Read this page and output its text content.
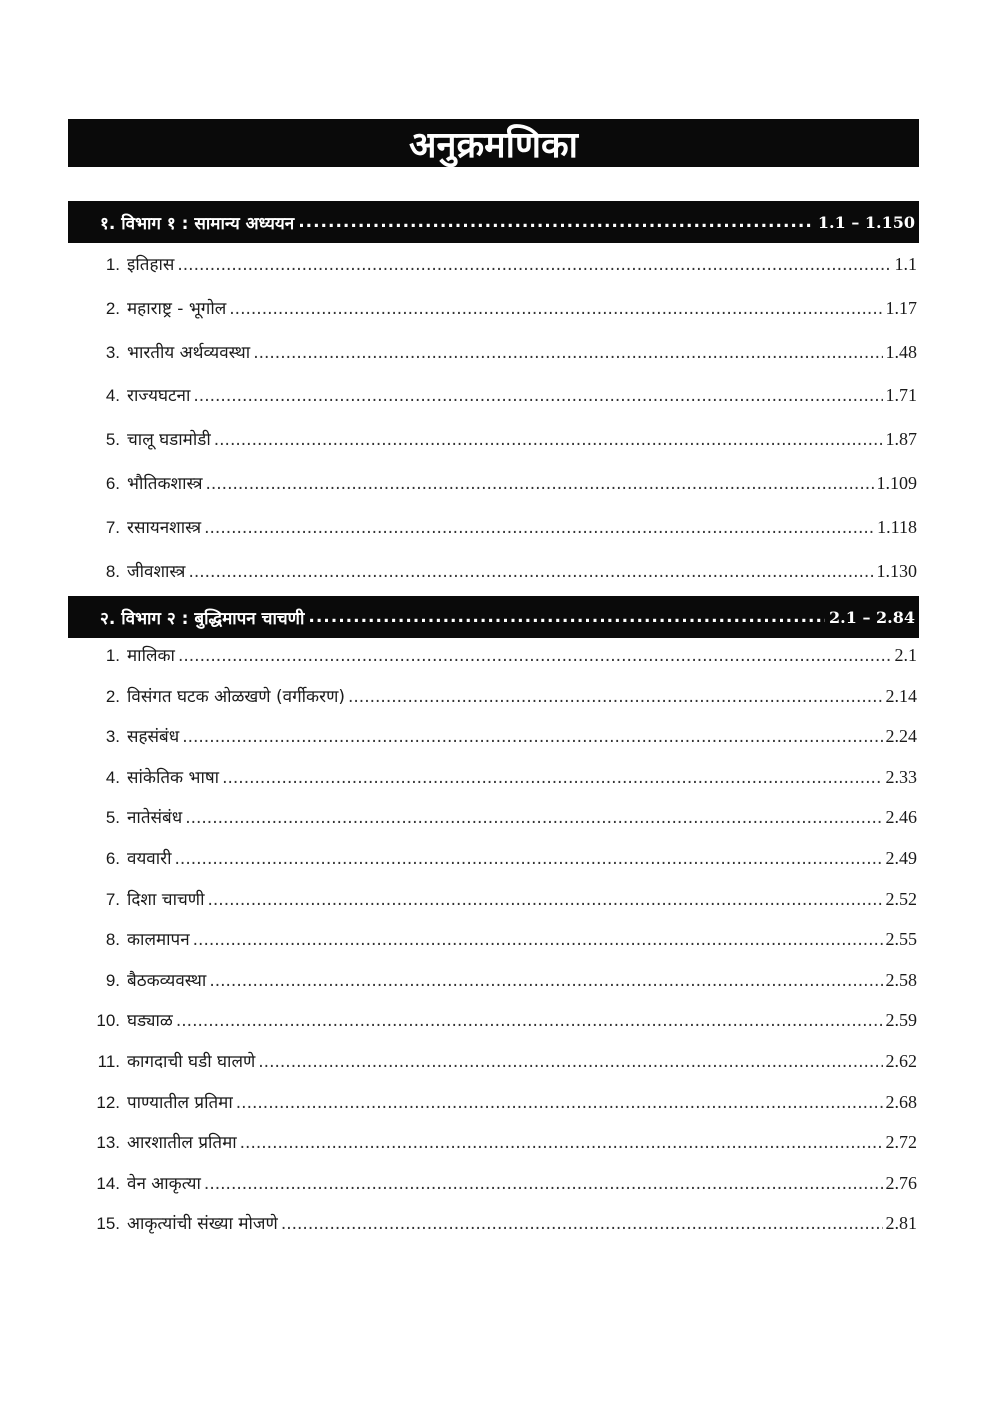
अनुक्रमणिका
१. विभाग १ : सामान्य अध्ययन .....	1.1 – 1.150
1. इतिहास .....	1.1
2. महाराष्ट्र - भूगोल .....	1.17
3. भारतीय अर्थव्यवस्था .....	1.48
4. राज्यघटना .....	1.71
5. चालू घडामोडी .....	1.87
6. भौतिकशास्त्र .....	1.109
7. रसायनशास्त्र .....	1.118
8. जीवशास्त्र .....	1.130
२. विभाग २ : बुद्धिमापन चाचणी .....	2.1 – 2.84
1. मालिका .....	2.1
2. विसंगत घटक ओळखणे (वर्गीकरण) .....	2.14
3. सहसंबंध .....	2.24
4. सांकेतिक भाषा .....	2.33
5. नातेसंबंध .....	2.46
6. वयवारी .....	2.49
7. दिशा चाचणी .....	2.52
8. कालमापन .....	2.55
9. बैठकव्यवस्था .....	2.58
10. घड्याळ .....	2.59
11. कागदाची घडी घालणे .....	2.62
12. पाण्यातील प्रतिमा .....	2.68
13. आरशातील प्रतिमा .....	2.72
14. वेन आकृत्या .....	2.76
15. आकृत्यांची संख्या मोजणे .....	2.81
